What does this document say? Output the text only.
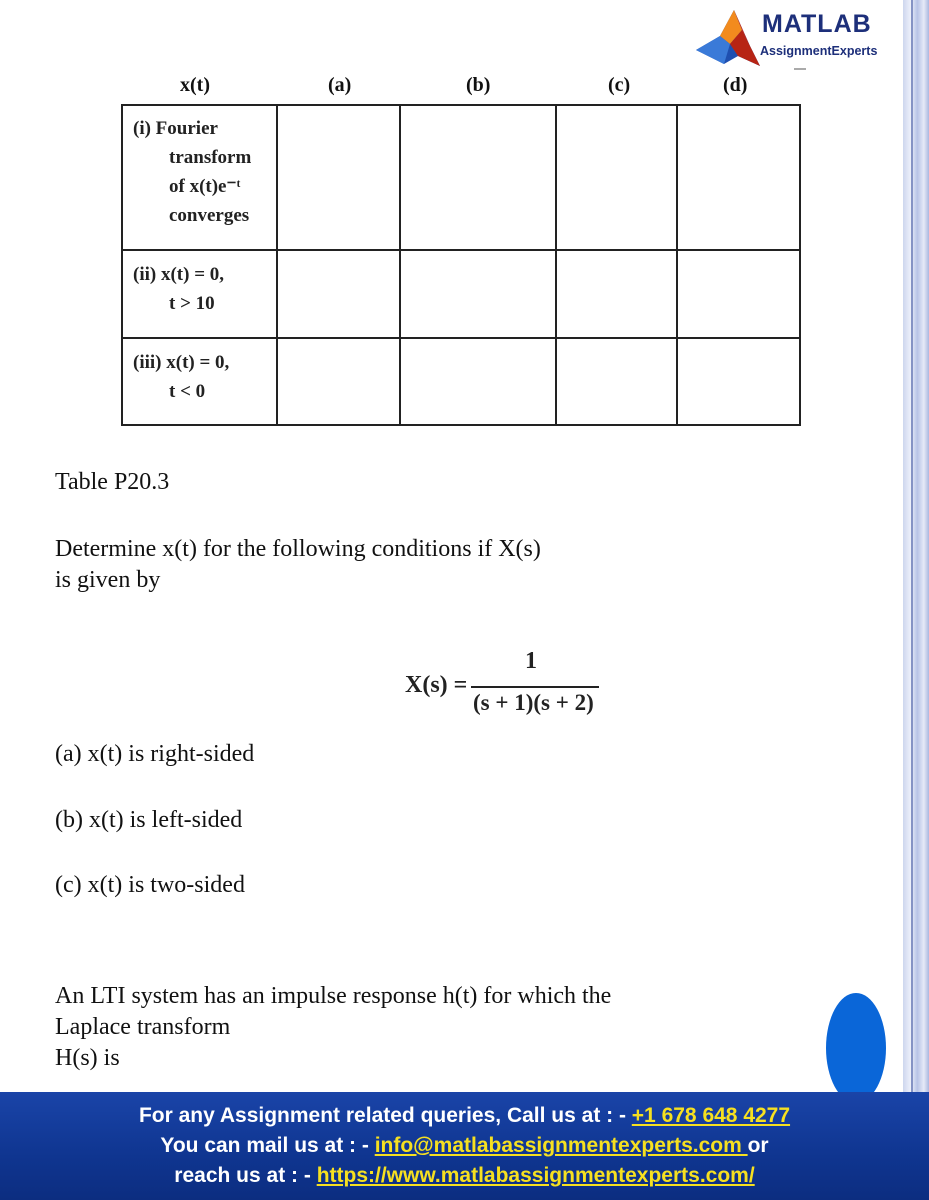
MATLAB
AssignmentExperts
x(t)	(a)	(b)	(c)	(d)
(i) Fourier
transform
of x(t)e⁻ᵗ
converges
(ii) x(t) = 0,
t > 10
(iii) x(t) = 0,
t < 0

Table P20.3

Determine x(t) for the following conditions if X(s)

is given by

X(s) =
1
(s + 1)(s + 2)

(a) x(t) is right-sided

(b) x(t) is left-sided

(c) x(t) is two-sided

An LTI system has an impulse response h(t) for which the

Laplace transform

H(s) is

For any Assignment related queries, Call us at : - +1 678 648 4277
You can mail us at : - info@matlabassignmentexperts.com or
reach us at : - https://www.matlabassignmentexperts.com/
